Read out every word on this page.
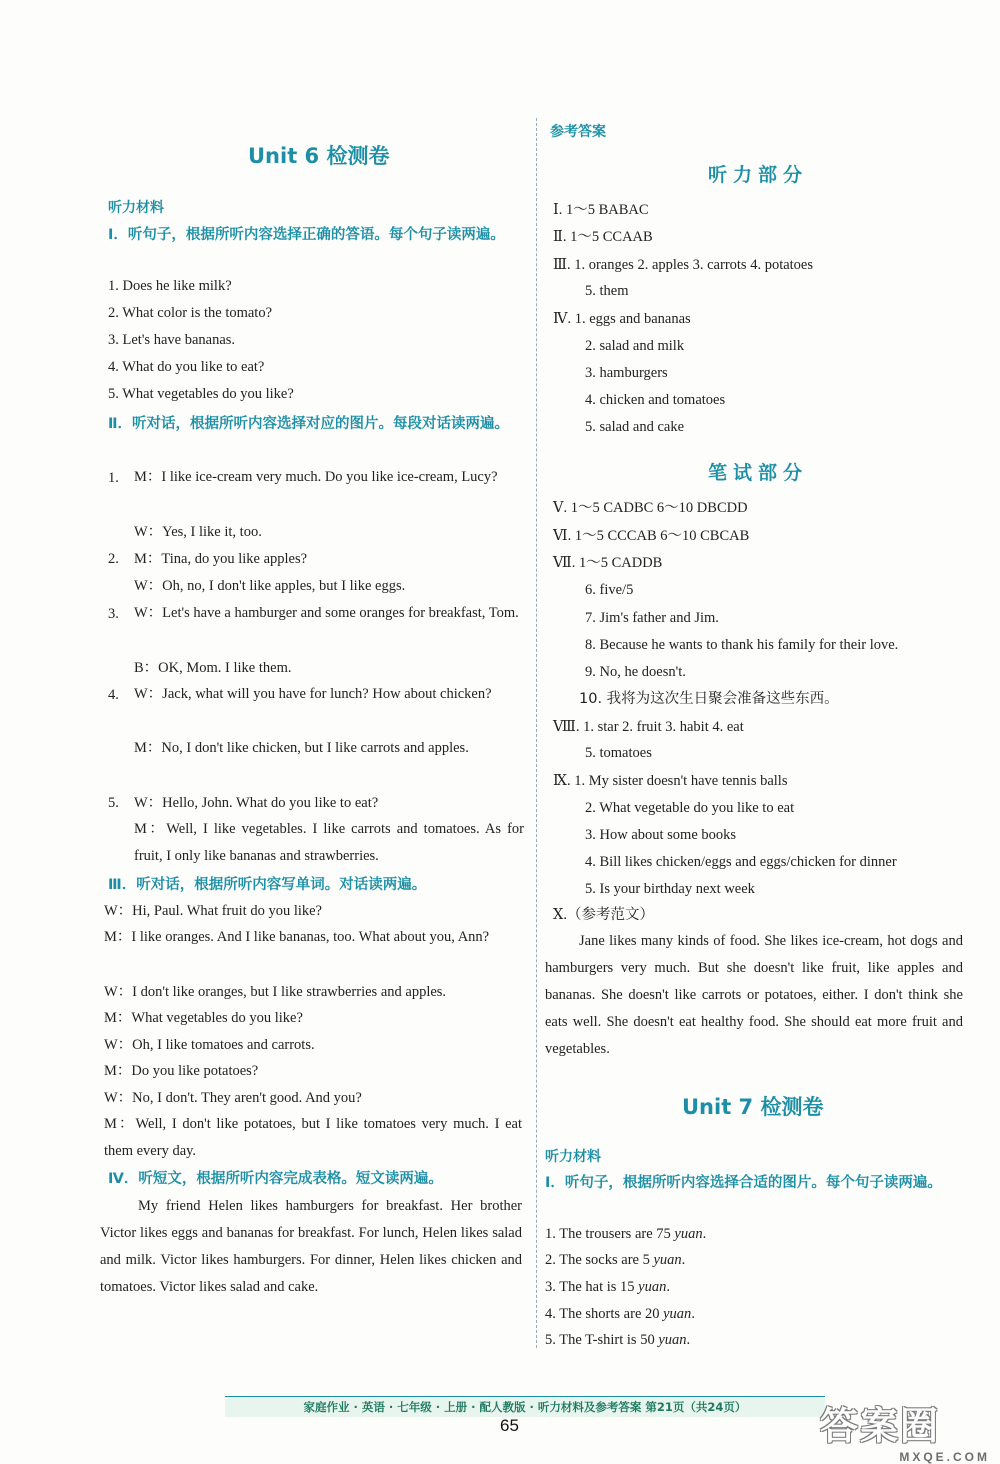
Unit 6 检测卷
听力材料
Ⅰ．听句子，根据所听内容选择正确的答语。每个句子读两遍。
1. Does he like milk?
2. What color is the tomato?
3. Let's have bananas.
4. What do you like to eat?
5. What vegetables do you like?
Ⅱ．听对话，根据所听内容选择对应的图片。每段对话读两遍。
1. M：I like ice-cream very much. Do you like ice-cream, Lucy?
W：Yes, I like it, too.
2. M：Tina, do you like apples?
W：Oh, no, I don't like apples, but I like eggs.
3. W：Let's have a hamburger and some oranges for breakfast, Tom.
B：OK, Mom. I like them.
4. W：Jack, what will you have for lunch? How about chicken?
M：No, I don't like chicken, but I like carrots and apples.
5. W：Hello, John. What do you like to eat?
M：Well, I like vegetables. I like carrots and tomatoes. As for fruit, I only like bananas and strawberries.
Ⅲ．听对话，根据所听内容写单词。对话读两遍。
W：Hi, Paul. What fruit do you like?
M：I like oranges. And I like bananas, too. What about you, Ann?
W：I don't like oranges, but I like strawberries and apples.
M：What vegetables do you like?
W：Oh, I like tomatoes and carrots.
M：Do you like potatoes?
W：No, I don't. They aren't good. And you?
M：Well, I don't like potatoes, but I like tomatoes very much. I eat them every day.
Ⅳ．听短文，根据所听内容完成表格。短文读两遍。
My friend Helen likes hamburgers for breakfast. Her brother Victor likes eggs and bananas for breakfast. For lunch, Helen likes salad and milk. Victor likes hamburgers. For dinner, Helen likes chicken and tomatoes. Victor likes salad and cake.
参考答案
听力部分
Ⅰ. 1～5 BABAC
Ⅱ. 1～5 CCAAB
Ⅲ. 1. oranges 2. apples 3. carrots 4. potatoes
5. them
Ⅳ. 1. eggs and bananas
2. salad and milk
3. hamburgers
4. chicken and tomatoes
5. salad and cake
笔试部分
Ⅴ. 1～5 CADBC 6～10 DBCDD
Ⅵ. 1～5 CCCAB 6～10 CBCAB
Ⅶ. 1～5 CADDB
6. five/5
7. Jim's father and Jim.
8. Because he wants to thank his family for their love.
9. No, he doesn't.
10. 我将为这次生日聚会准备这些东西。
Ⅷ. 1. star 2. fruit 3. habit 4. eat
5. tomatoes
Ⅸ. 1. My sister doesn't have tennis balls
2. What vegetable do you like to eat
3. How about some books
4. Bill likes chicken/eggs and eggs/chicken for dinner
5. Is your birthday next week
Ⅹ.（参考范文）
Jane likes many kinds of food. She likes ice-cream, hot dogs and hamburgers very much. But she doesn't like fruit, like apples and bananas. She doesn't like carrots or potatoes, either. I don't think she eats well. She doesn't eat healthy food. She should eat more fruit and vegetables.
Unit 7 检测卷
听力材料
Ⅰ．听句子，根据所听内容选择合适的图片。每个句子读两遍。
1. The trousers are 75 yuan.
2. The socks are 5 yuan.
3. The hat is 15 yuan.
4. The shorts are 20 yuan.
5. The T-shirt is 50 yuan.
家庭作业 · 英语 · 七年级 · 上册 · 配人教版 · 听力材料及参考答案 第21页（共24页）
65	答案圈
MXQE.COM
